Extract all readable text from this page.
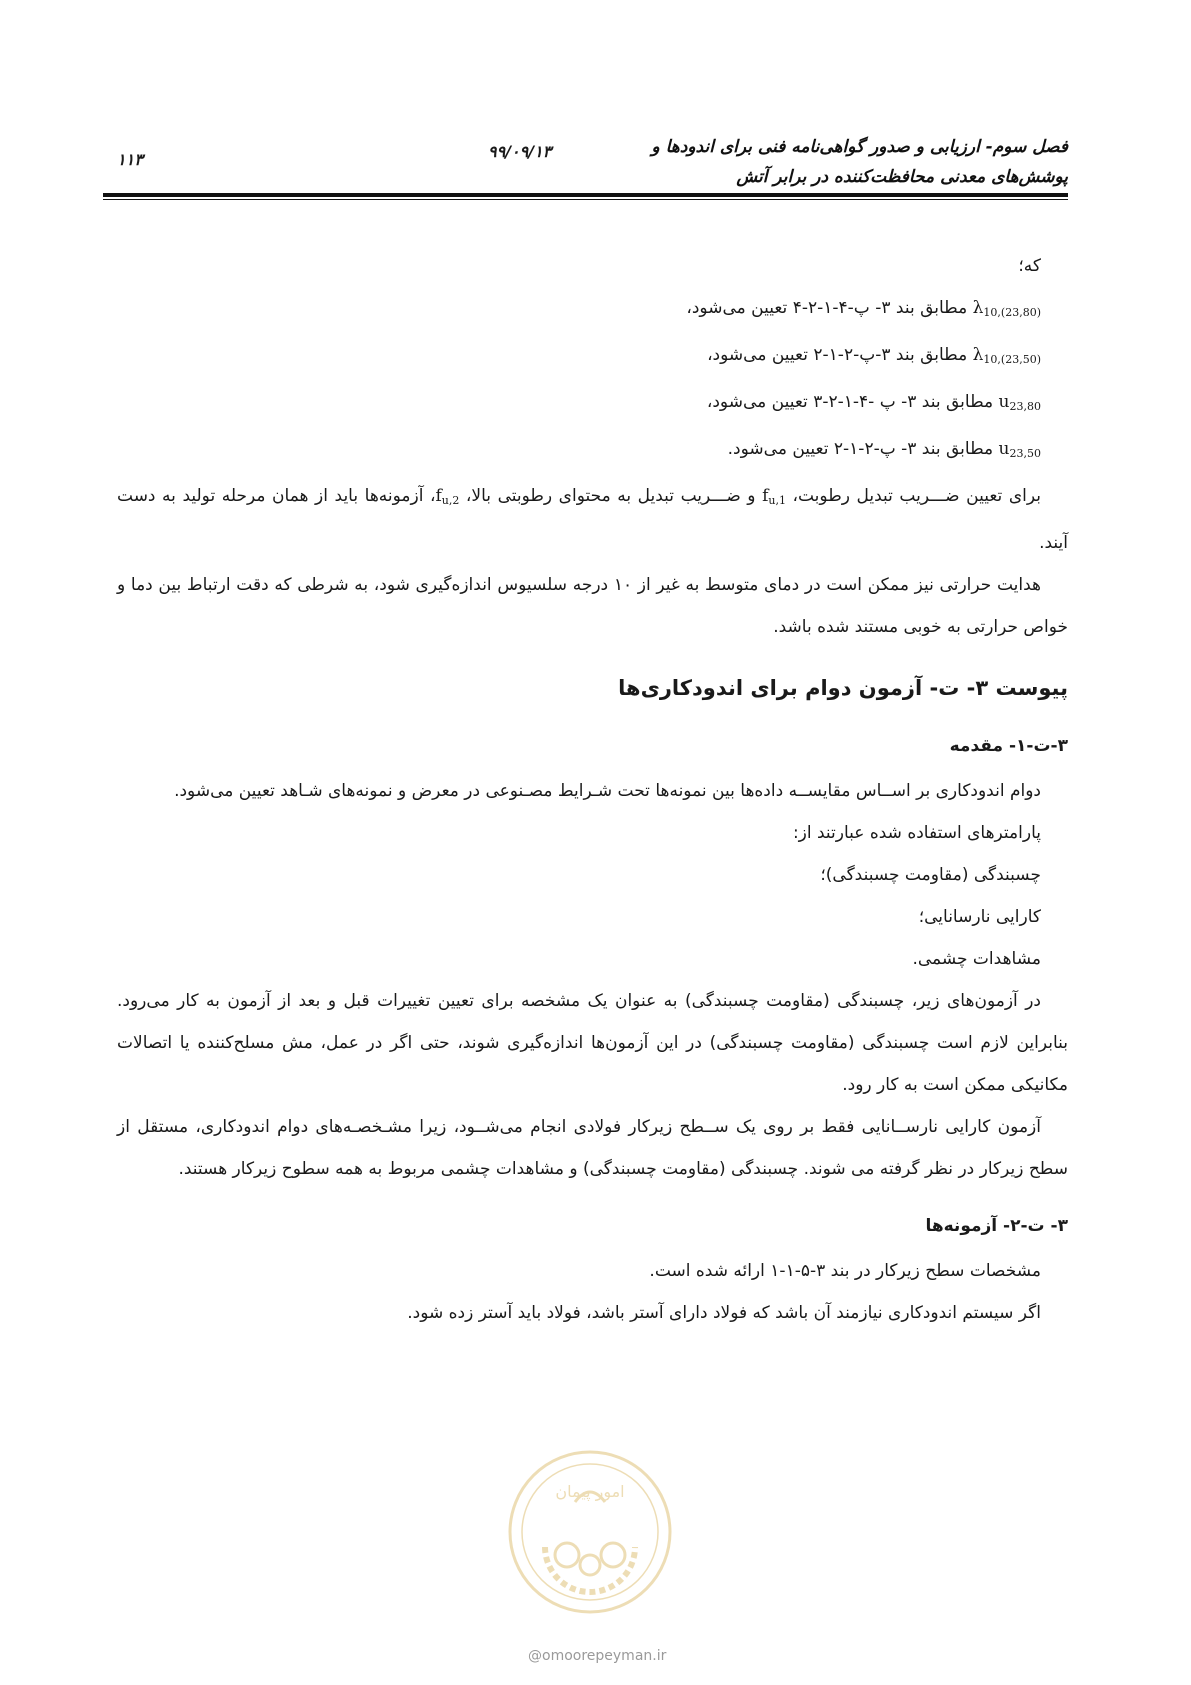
فصل سوم- ارزیابی و صدور گواهی‌نامه فنی برای اندودها و
پوشش‌های معدنی محافظت‌کننده در برابر آتش
۹۹/۰۹/۱۳
۱۱۳

که؛

$\lambda_{10,(23,80)}$ مطابق بند ۳- پ-۴-۱-۲-۴ تعیین می‌شود،

$\lambda_{10,(23,50)}$ مطابق بند ۳-پ-۲-۱-۲ تعیین می‌شود،

$u_{23,80}$ مطابق بند ۳- پ -۴-۱-۲-۳ تعیین می‌شود،

$u_{23,50}$ مطابق بند ۳- پ-۲-۱-۲ تعیین می‌شود.

برای تعیین ضـــریب تبدیل رطوبت، $f_{u,1}$ و ضـــریب تبدیل به محتوای رطوبتی بالا، $f_{u,2}،$ آزمونه‌ها باید از همان مرحله تولید به دست آیند.

هدایت حرارتی نیز ممکن است در دمای متوسط به غیر از ۱۰ درجه سلسیوس اندازه‌گیری شود، به شرطی که دقت ارتباط بین دما و خواص حرارتی به خوبی مستند شده باشد.

پیوست ۳- ت- آزمون دوام برای اندودکاری‌ها
۳-ت-۱- مقدمه

دوام اندودکاری بر اســاس مقایســه داده‌ها بین نمونه‌ها تحت شـرایط مصـنوعی در معرض و نمونه‌های شـاهد تعیین می‌شود.

پارامترهای استفاده شده عبارتند از:

چسبندگی (مقاومت چسبندگی)؛

کارایی نارسانایی؛

مشاهدات چشمی.

در آزمون‌های زیر، چسبندگی (مقاومت چسبندگی) به عنوان یک مشخصه برای تعیین تغییرات قبل و بعد از آزمون به کار می‌رود. بنابراین لازم است چسبندگی (مقاومت چسبندگی) در این آزمون‌ها اندازه‌گیری شوند، حتی اگر در عمل، مش مسلح‌کننده یا اتصالات مکانیکی ممکن است به کار رود.

آزمون کارایی نارســانایی فقط بر روی یک ســطح زیرکار فولادی انجام می‌شــود، زیرا مشـخصـه‌های دوام اندودکاری، مستقل از سطح زیرکار در نظر گرفته می شوند. چسبندگی (مقاومت چسبندگی) و مشاهدات چشمی مربوط به همه سطوح زیرکار هستند.

۳- ت-۲- آزمونه‌ها

مشخصات سطح زیرکار در بند ۳-۵-۱-۱ ارائه شده است.

اگر سیستم اندودکاری نیازمند آن باشد که فولاد دارای آستر باشد، فولاد باید آستر زده شود.

امور پیمان
@omoorepeyman.ir
